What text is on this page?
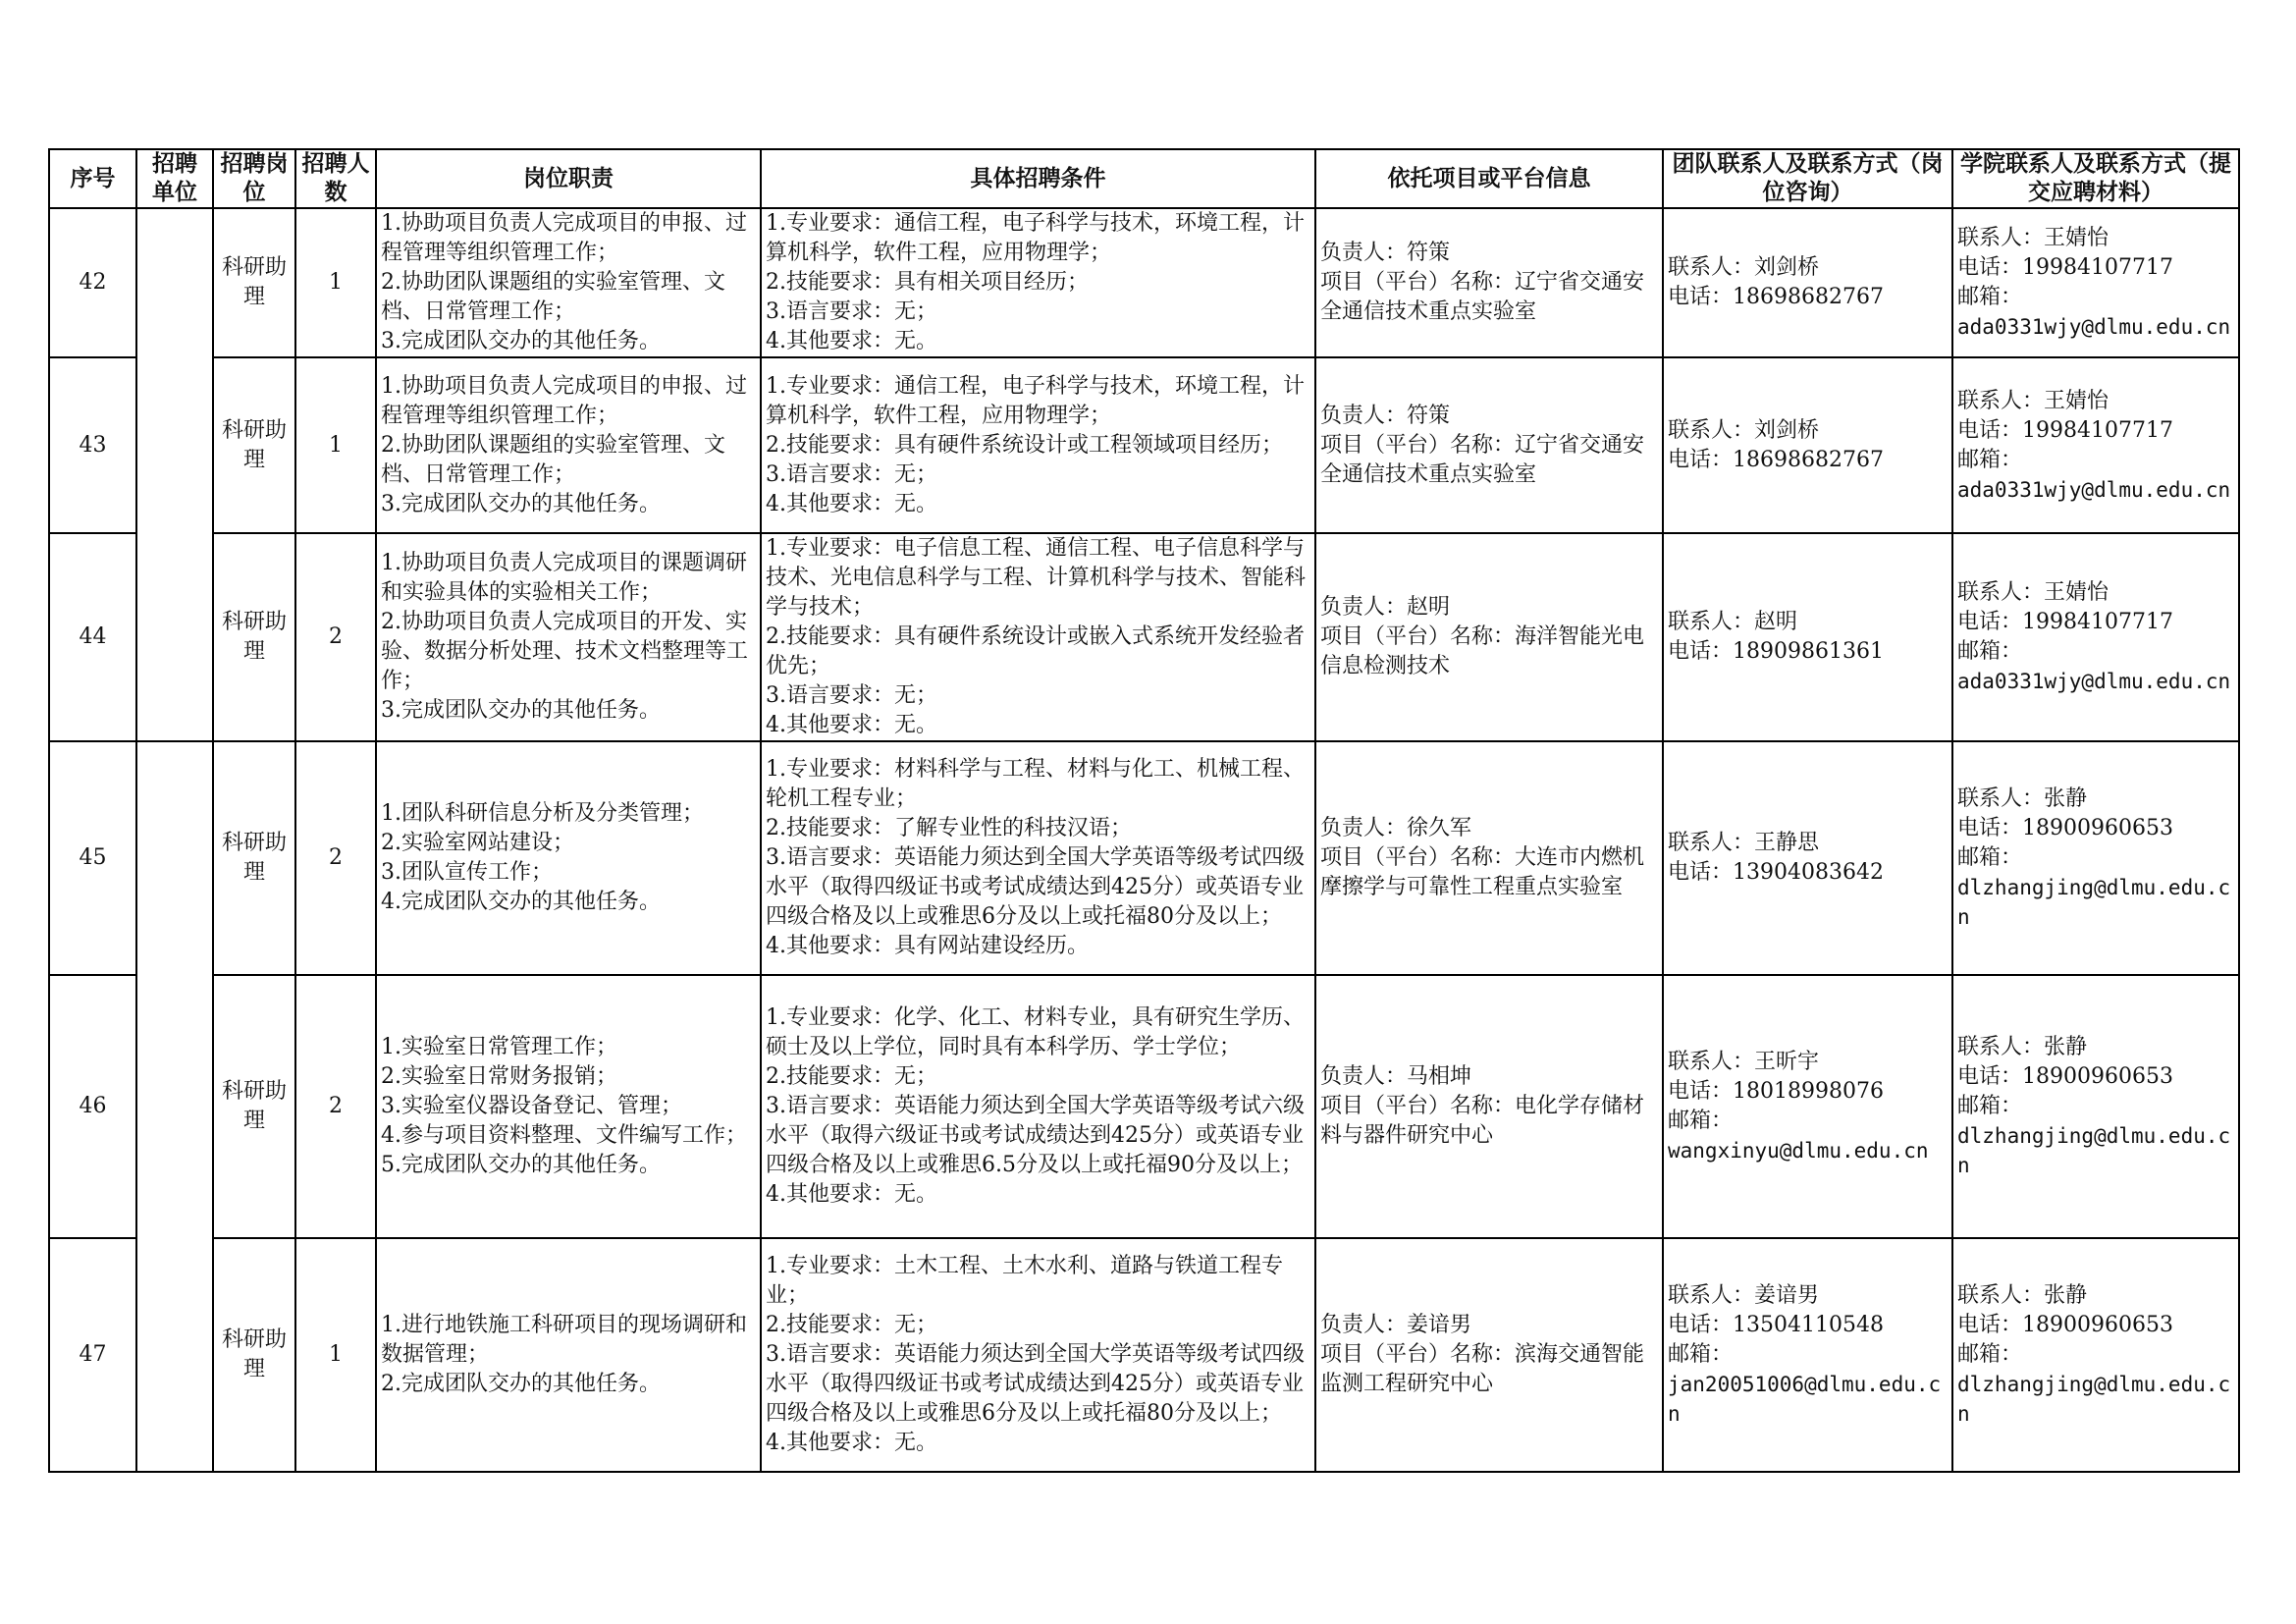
序号	招聘单位	招聘岗位	招聘人数	岗位职责	具体招聘条件	依托项目或平台信息	团队联系人及联系方式（岗位咨询）	学院联系人及联系方式（提交应聘材料）
42		科研助理	1	1.协助项目负责人完成项目的申报、过程管理等组织管理工作；
2.协助团队课题组的实验室管理、文档、日常管理工作；
3.完成团队交办的其他任务。	1.专业要求：通信工程，电子科学与技术，环境工程，计算机科学，软件工程，应用物理学；
2.技能要求：具有相关项目经历；
3.语言要求：无；
4.其他要求：无。	负责人：符策
项目（平台）名称：辽宁省交通安全通信技术重点实验室	联系人：刘剑桥
电话：18698682767	联系人：王婧怡
电话：19984107717
邮箱：
ada0331wjy@dlmu.edu.cn

43		科研助理	1	1.协助项目负责人完成项目的申报、过程管理等组织管理工作；
2.协助团队课题组的实验室管理、文档、日常管理工作；
3.完成团队交办的其他任务。	1.专业要求：通信工程，电子科学与技术，环境工程，计算机科学，软件工程，应用物理学；
2.技能要求：具有硬件系统设计或工程领域项目经历；
3.语言要求：无；
4.其他要求：无。	负责人：符策
项目（平台）名称：辽宁省交通安全通信技术重点实验室	联系人：刘剑桥
电话：18698682767	联系人：王婧怡
电话：19984107717
邮箱：
ada0331wjy@dlmu.edu.cn

44		科研助理	2	1.协助项目负责人完成项目的课题调研和实验具体的实验相关工作；
2.协助项目负责人完成项目的开发、实验、数据分析处理、技术文档整理等工作；
3.完成团队交办的其他任务。	1.专业要求：电子信息工程、通信工程、电子信息科学与技术、光电信息科学与工程、计算机科学与技术、智能科学与技术；
2.技能要求：具有硬件系统设计或嵌入式系统开发经验者优先；
3.语言要求：无；
4.其他要求：无。	负责人：赵明
项目（平台）名称：海洋智能光电信息检测技术	联系人：赵明
电话：18909861361	联系人：王婧怡
电话：19984107717
邮箱：
ada0331wjy@dlmu.edu.cn

45		科研助理	2	1.团队科研信息分析及分类管理；
2.实验室网站建设；
3.团队宣传工作；
4.完成团队交办的其他任务。	1.专业要求：材料科学与工程、材料与化工、机械工程、轮机工程专业；
2.技能要求：了解专业性的科技汉语；
3.语言要求：英语能力须达到全国大学英语等级考试四级水平（取得四级证书或考试成绩达到425分）或英语专业四级合格及以上或雅思6分及以上或托福80分及以上；
4.其他要求：具有网站建设经历。	负责人：徐久军
项目（平台）名称：大连市内燃机摩擦学与可靠性工程重点实验室	联系人：王静思
电话：13904083642	联系人：张静
电话：18900960653
邮箱：
dlzhangjing@dlmu.edu.cn

46		科研助理	2	1.实验室日常管理工作；
2.实验室日常财务报销；
3.实验室仪器设备登记、管理；
4.参与项目资料整理、文件编写工作；
5.完成团队交办的其他任务。	1.专业要求：化学、化工、材料专业，具有研究生学历、硕士及以上学位，同时具有本科学历、学士学位；
2.技能要求：无；
3.语言要求：英语能力须达到全国大学英语等级考试六级水平（取得六级证书或考试成绩达到425分）或英语专业四级合格及以上或雅思6.5分及以上或托福90分及以上；
4.其他要求：无。	负责人：马相坤
项目（平台）名称：电化学存储材料与器件研究中心	联系人：王昕宇
电话：18018998076
邮箱：
wangxinyu@dlmu.edu.cn	联系人：张静
电话：18900960653
邮箱：
dlzhangjing@dlmu.edu.cn

47		科研助理	1	1.进行地铁施工科研项目的现场调研和数据管理；
2.完成团队交办的其他任务。	1.专业要求：土木工程、土木水利、道路与铁道工程专业；
2.技能要求：无；
3.语言要求：英语能力须达到全国大学英语等级考试四级水平（取得四级证书或考试成绩达到425分）或英语专业四级合格及以上或雅思6分及以上或托福80分及以上；
4.其他要求：无。	负责人：姜谙男
项目（平台）名称：滨海交通智能监测工程研究中心	联系人：姜谙男
电话：13504110548
邮箱：
jan20051006@dlmu.edu.cn	联系人：张静
电话：18900960653
邮箱：
dlzhangjing@dlmu.edu.cn
